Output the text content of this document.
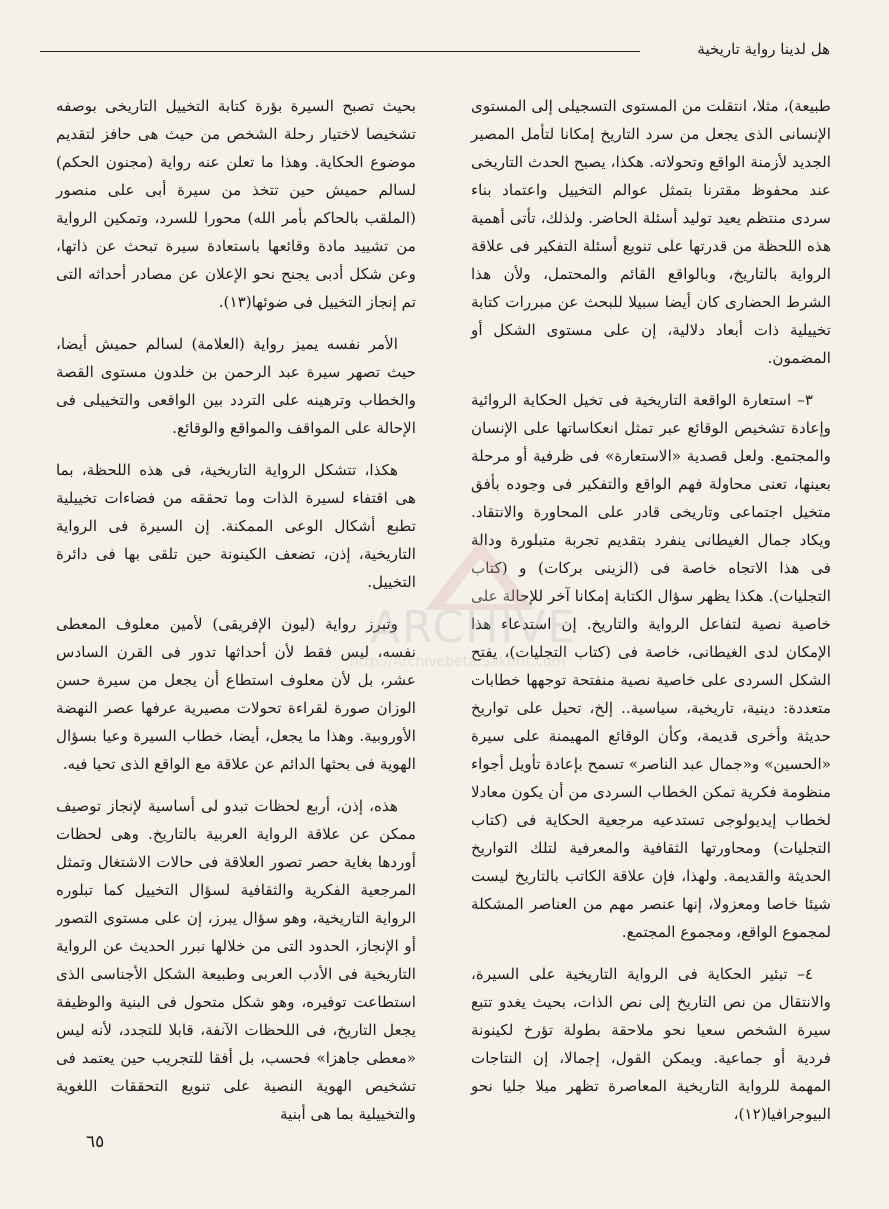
هل لدينا رواية تاريخية

طبيعة)، مثلا، انتقلت من المستوى التسجيلى إلى المستوى الإنسانى الذى يجعل من سرد التاريخ إمكانا لتأمل المصير الجديد لأزمنة الواقع وتحولاته. هكذا، يصبح الحدث التاريخى عند محفوظ مقترنا بتمثل عوالم التخييل واعتماد بناء سردى منتظم يعيد توليد أسئلة الحاضر. ولذلك، تأتى أهمية هذه اللحظة من قدرتها على تنويع أسئلة التفكير فى علاقة الرواية بالتاريخ، وبالواقع القائم والمحتمل، ولأن هذا الشرط الحضارى كان أيضا سبيلا للبحث عن مبررات كتابة تخييلية ذات أبعاد دلالية، إن على مستوى الشكل أو المضمون.

٣– استعارة الواقعة التاريخية فى تخيل الحكاية الروائية وإعادة تشخيص الوقائع عبر تمثل انعكاساتها على الإنسان والمجتمع. ولعل قصدية «الاستعارة» فى ظرفية أو مرحلة بعينها، تعنى محاولة فهم الواقع والتفكير فى وجوده بأفق متخيل اجتماعى وتاريخى قادر على المحاورة والانتقاد. ويكاد جمال الغيطانى ينفرد بتقديم تجربة متبلورة ودالة فى هذا الاتجاه خاصة فى (الزينى بركات) و (كتاب التجليات). هكذا يظهر سؤال الكتابة إمكانا آخر للإحالة على خاصية نصية لتفاعل الرواية والتاريخ. إن استدعاء هذا الإمكان لدى الغيطانى، خاصة فى (كتاب التجليات)، يفتح الشكل السردى على خاصية نصية منفتحة توجهها خطابات متعددة: دينية، تاريخية، سياسية.. إلخ، تحيل على تواريخ حديثة وأخرى قديمة، وكأن الوقائع المهيمنة على سيرة «الحسين» و«جمال عبد الناصر» تسمح بإعادة تأويل أجواء منظومة فكرية تمكن الخطاب السردى من أن يكون معادلا لخطاب إيديولوجى تستدعيه مرجعية الحكاية فى (كتاب التجليات) ومحاورتها الثقافية والمعرفية لتلك التواريخ الحديثة والقديمة. ولهذا، فإن علاقة الكاتب بالتاريخ ليست شيئا خاصا ومعزولا، إنها عنصر مهم من العناصر المشكلة لمجموع الواقع، ومجموع المجتمع.

٤– تبئير الحكاية فى الرواية التاريخية على السيرة، والانتقال من نص التاريخ إلى نص الذات، بحيث يغدو تتبع سيرة الشخص سعيا نحو ملاحقة بطولة تؤرخ لكينونة فردية أو جماعية. ويمكن القول، إجمالا، إن النتاجات المهمة للرواية التاريخية المعاصرة تظهر ميلا جليا نحو البيوجرافيا(١٢)،

بحيث تصبح السيرة بؤرة كتابة التخييل التاريخى بوصفه تشخيصا لاختيار رحلة الشخص من حيث هى حافز لتقديم موضوع الحكاية. وهذا ما تعلن عنه رواية (مجنون الحكم) لسالم حميش حين تتخذ من سيرة أبى على منصور (الملقب بالحاكم بأمر الله) محورا للسرد، وتمكين الرواية من تشييد مادة وقائعها باستعادة سيرة تبحث عن ذاتها، وعن شكل أدبى يجنح نحو الإعلان عن مصادر أحداثه التى تم إنجاز التخييل فى ضوئها(١٣).

الأمر نفسه يميز رواية (العلامة) لسالم حميش أيضا، حيث تصهر سيرة عبد الرحمن بن خلدون مستوى القصة والخطاب وترهينه على التردد بين الواقعى والتخييلى فى الإحالة على المواقف والمواقع والوقائع.

هكذا، تتشكل الرواية التاريخية، فى هذه اللحظة، بما هى اقتفاء لسيرة الذات وما تحققه من فضاءات تخييلية تطبع أشكال الوعى الممكنة. إن السيرة فى الرواية التاريخية، إذن، تضعف الكينونة حين تلقى بها فى دائرة التخييل.

وتبرز رواية (ليون الإفريقى) لأمين معلوف المعطى نفسه، ليس فقط لأن أحداثها تدور فى القرن السادس عشر، بل لأن معلوف استطاع أن يجعل من سيرة حسن الوزان صورة لقراءة تحولات مصيرية عرفها عصر النهضة الأوروبية. وهذا ما يجعل، أيضا، خطاب السيرة وعيا بسؤال الهوية فى بحثها الدائم عن علاقة مع الواقع الذى تحيا فيه.

هذه، إذن، أربع لحظات تبدو لى أساسية لإنجاز توصيف ممكن عن علاقة الرواية العربية بالتاريخ. وهى لحظات أوردها بغاية حصر تصور العلاقة فى حالات الاشتغال وتمثل المرجعية الفكرية والثقافية لسؤال التخييل كما تبلوره الرواية التاريخية، وهو سؤال يبرز، إن على مستوى التصور أو الإنجاز، الحدود التى من خلالها نبرر الحديث عن الرواية التاريخية فى الأدب العربى وطبيعة الشكل الأجناسى الذى استطاعت توفيره، وهو شكل متحول فى البنية والوظيفة يجعل التاريخ، فى اللحظات الآنفة، قابلا للتجدد، لأنه ليس «معطى جاهزا» فحسب، بل أفقا للتجريب حين يعتمد فى تشخيص الهوية النصية على تنويع التحققات اللغوية والتخييلية بما هى أبنية

ARCHIVE
http://Archivebeta.Sakhrit.com
٦٥
